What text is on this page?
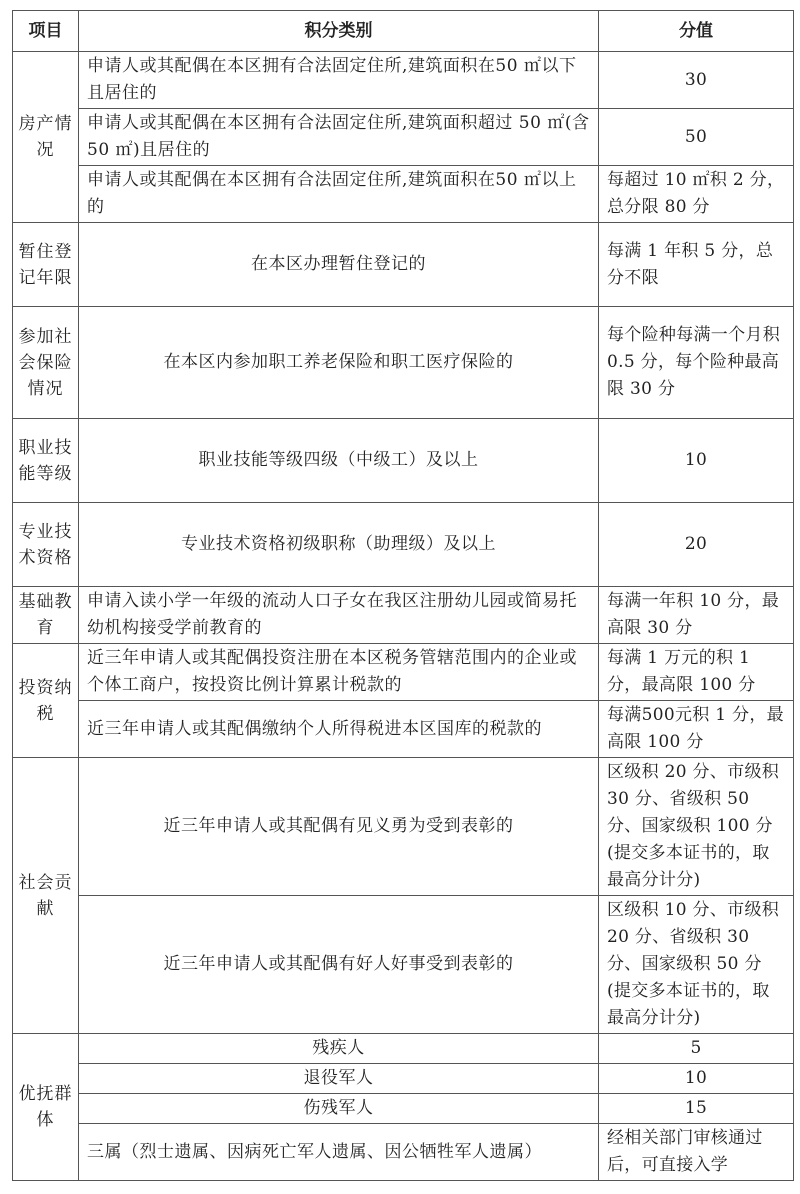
项目	积分类别	分值
房产情况	申请人或其配偶在本区拥有合法固定住所,建筑面积在50 ㎡以下且居住的	30
	申请人或其配偶在本区拥有合法固定住所,建筑面积超过 50 ㎡(含 50 ㎡)且居住的	50
	申请人或其配偶在本区拥有合法固定住所,建筑面积在50 ㎡以上的	每超过 10 ㎡积 2 分，总分限 80 分
暂住登记年限	在本区办理暂住登记的	每满 1 年积 5 分，总分不限
参加社会保险情况	在本区内参加职工养老保险和职工医疗保险的	每个险种每满一个月积 0.5 分，每个险种最高限 30 分
职业技能等级	职业技能等级四级（中级工）及以上	10
专业技术资格	专业技术资格初级职称（助理级）及以上	20
基础教育	申请入读小学一年级的流动人口子女在我区注册幼儿园或简易托幼机构接受学前教育的	每满一年积 10 分，最高限 30 分
投资纳税	近三年申请人或其配偶投资注册在本区税务管辖范围内的企业或个体工商户，按投资比例计算累计税款的	每满 1 万元的积 1 分，最高限 100 分
	近三年申请人或其配偶缴纳个人所得税进本区国库的税款的	每满500元积 1 分，最高限 100 分
社会贡献	近三年申请人或其配偶有见义勇为受到表彰的	区级积 20 分、市级积 30 分、省级积 50 分、国家级积 100 分(提交多本证书的，取最高分计分)
	近三年申请人或其配偶有好人好事受到表彰的	区级积 10 分、市级积 20 分、省级积 30 分、国家级积 50 分(提交多本证书的，取最高分计分)
优抚群体	残疾人	5
	退役军人	10
	伤残军人	15
	三属（烈士遗属、因病死亡军人遗属、因公牺牲军人遗属）	经相关部门审核通过后，可直接入学
